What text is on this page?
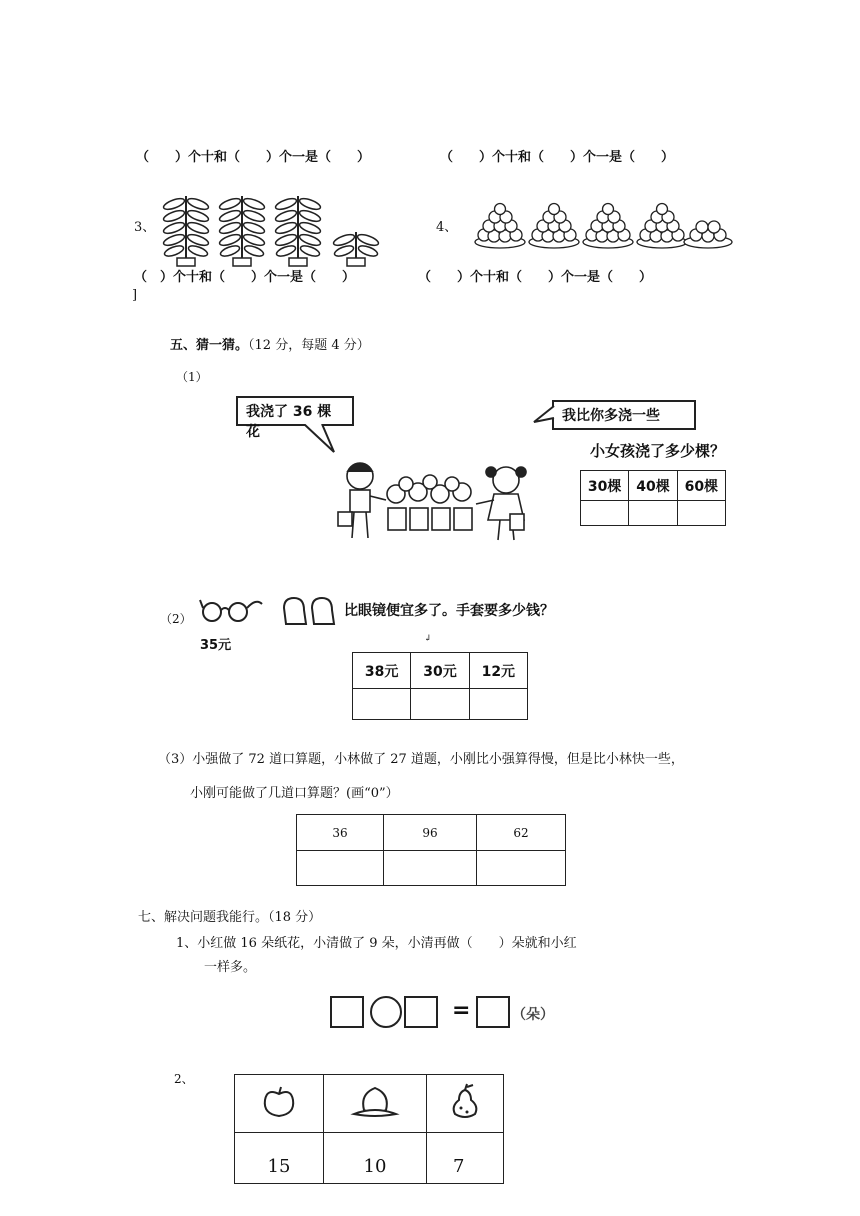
（　　）个十和（　　）个一是（　　）	（　　）个十和（　　）个一是（　　）
3、	4、
（　）个十和（　　）个一是（　　）	（　　）个十和（　　）个一是（　　）
]
五、猜一猜。（12 分，每题 4 分）
（1）
我浇了 36 棵花
我比你多浇一些
小女孩浇了多少棵？
30棵	40棵	60棵

（2）
35元
比眼镜便宜多了。手套要多少钱？
↲
38元	30元	12元

（3）小强做了 72 道口算题，小林做了 27 道题，小刚比小强算得慢，但是比小林快一些，
小刚可能做了几道口算题？(画“0”）
36	96	62

七、解决问题我能行。（18 分）
1、小红做 16 朵纸花，小清做了 9 朵，小清再做（　　）朵就和小红
一样多。
=	（朵）
2、

15	10	7
